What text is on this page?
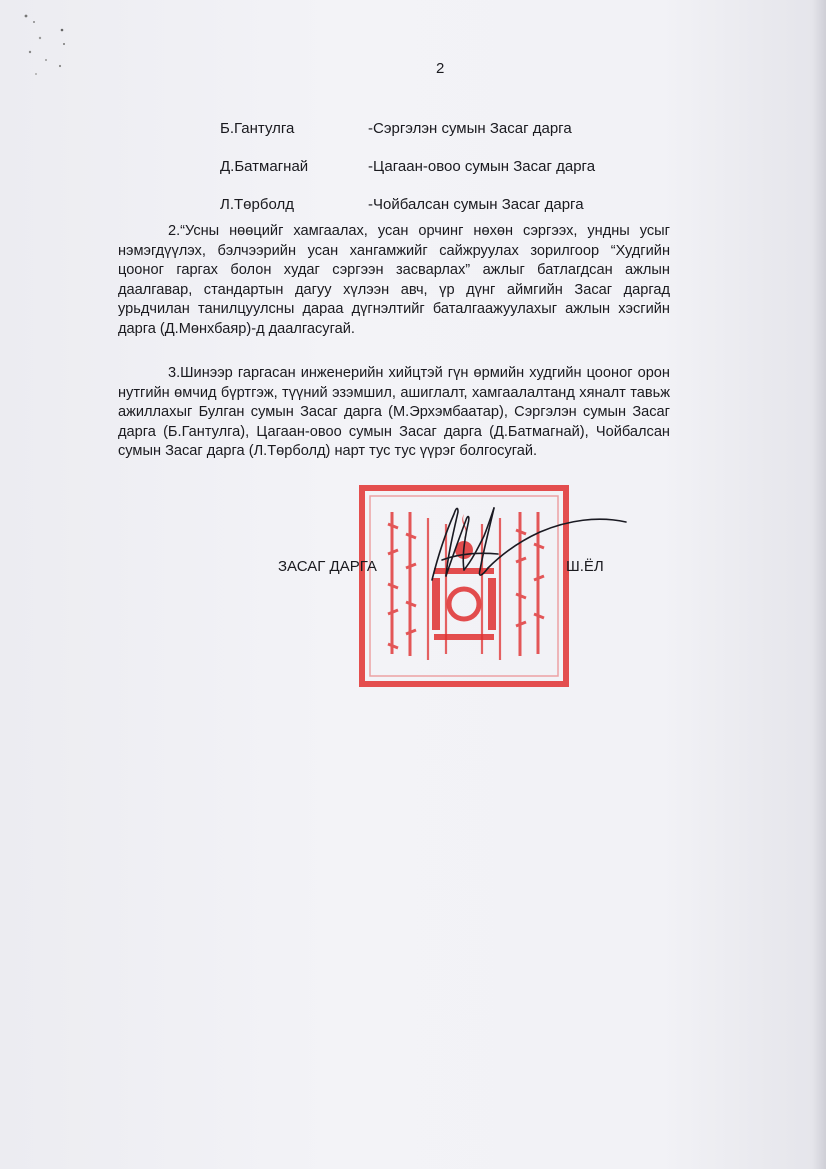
2
Б.Гантулга	-Сэргэлэн сумын Засаг дарга
Д.Батмагнай	-Цагаан-овоо сумын Засаг дарга
Л.Төрболд	-Чойбалсан сумын Засаг дарга

2.“Усны нөөцийг хамгаалах, усан орчинг нөхөн сэргээх, ундны усыг нэмэгдүүлэх, бэлчээрийн усан хангамжийг сайжруулах зорилгоор “Худгийн цооног гаргах болон худаг сэргээн засварлах” ажлыг батлагдсан ажлын даалгавар, стандартын дагуу хүлээн авч, үр дүнг аймгийн Засаг даргад урьдчилан танилцуулсны дараа дүгнэлтийг баталгаажуулахыг ажлын хэсгийн дарга (Д.Мөнхбаяр)-д даалгасугай.

3.Шинээр гаргасан инженерийн хийцтэй гүн өрмийн худгийн цооног орон нутгийн өмчид бүртгэж, түүний эзэмшил, ашиглалт, хамгаалалтанд хяналт тавьж ажиллахыг Булган сумын Засаг дарга (М.Эрхэмбаатар), Сэргэлэн сумын Засаг дарга (Б.Гантулга), Цагаан-овоо сумын Засаг дарга (Д.Батмагнай), Чойбалсан сумын Засаг дарга (Л.Төрболд) нарт тус тус үүрэг болгосугай.

ЗАСАГ ДАРГА	Ш.ЁЛ
